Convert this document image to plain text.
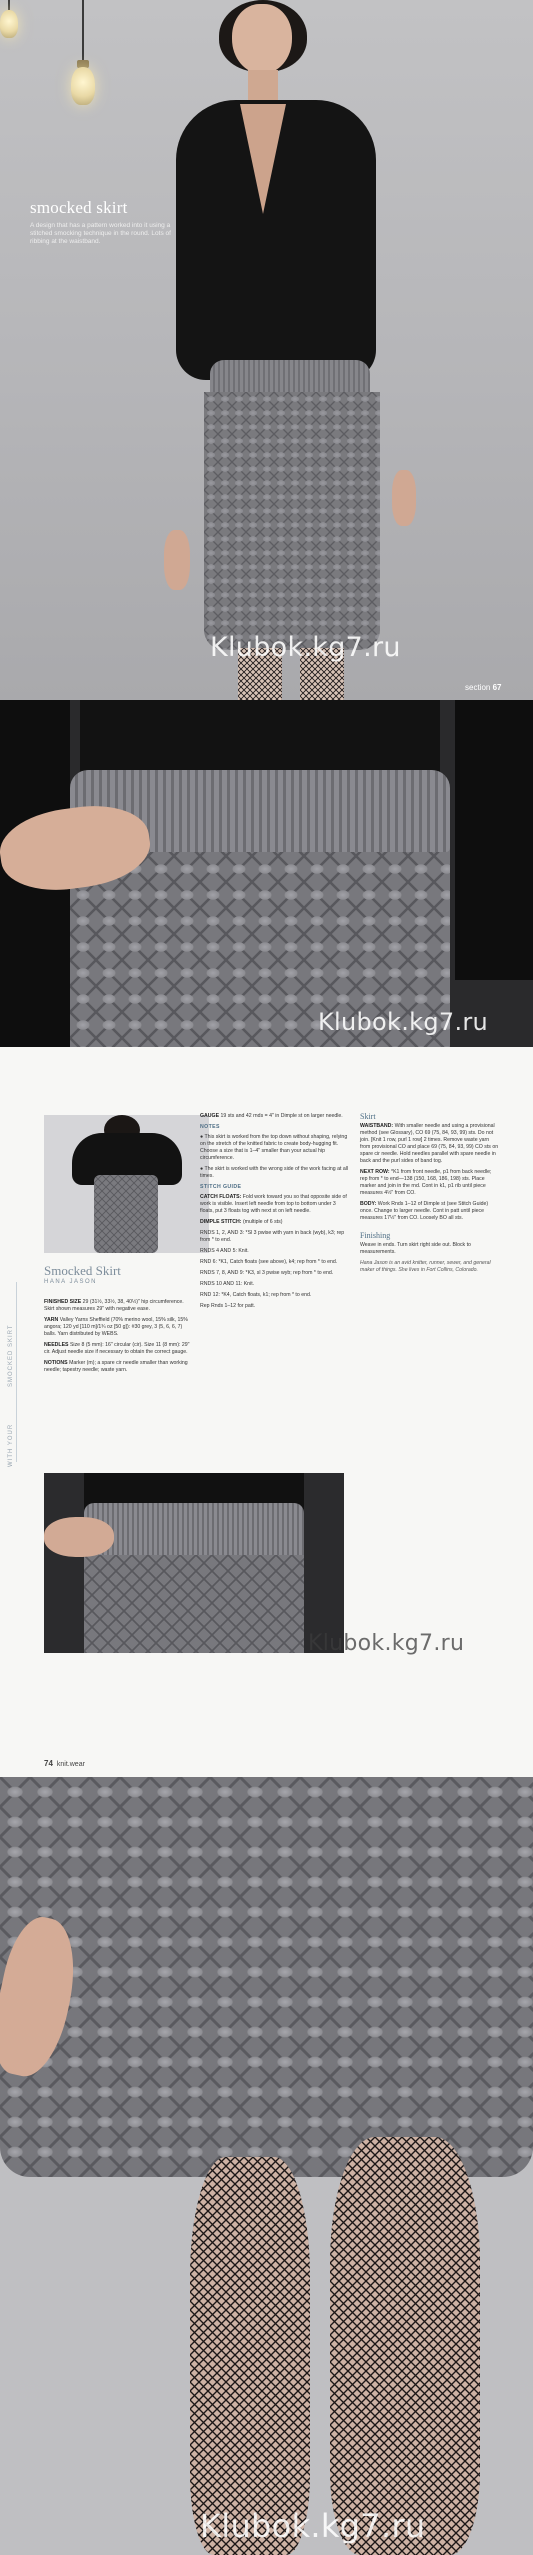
smocked skirt
A design that has a pattern worked into it using a stitched smocking technique in the round. Lots of ribbing at the waistband.
section 67
Klubok.kg7.ru
Klubok.kg7.ru
WITH YOUR
SMOCKED SKIRT
Smocked Skirt
HANA JASON

FINISHED SIZE 29 (31½, 33½, 38, 40½)" hip circumference. Skirt shown measures 29" with negative ease.

YARN Valley Yarns Sheffield (70% merino wool, 15% silk, 15% angora; 120 yd [110 m]/1¾ oz [50 g]): #30 grey, 3 (5, 6, 6, 7) balls. Yarn distributed by WEBS.

NEEDLES Size 8 (5 mm): 16" circular (cir). Size 11 (8 mm): 29" cir. Adjust needle size if necessary to obtain the correct gauge.

NOTIONS Marker (m); a spare cir needle smaller than working needle; tapestry needle; waste yarn.

GAUGE 19 sts and 42 rnds = 4" in Dimple st on larger needle.

NOTES

● This skirt is worked from the top down without shaping, relying on the stretch of the knitted fabric to create body-hugging fit. Choose a size that is 1–4" smaller than your actual hip circumference.

● The skirt is worked with the wrong side of the work facing at all times.

STITCH GUIDE

CATCH FLOATS: Fold work toward you so that opposite side of work is visible. Insert left needle from top to bottom under 3 floats, put 3 floats tog with next st on left needle.

DIMPLE STITCH: (multiple of 6 sts)

RNDS 1, 2, AND 3: *Sl 3 pwise with yarn in back (wyb), k3; rep from * to end.

RNDS 4 AND 5: Knit.

RND 6: *K1, Catch floats (see above), k4; rep from * to end.

RNDS 7, 8, AND 9: *K3, sl 3 pwise wyb; rep from * to end.

RNDS 10 AND 11: Knit.

RND 12: *K4, Catch floats, k1; rep from * to end.

Rep Rnds 1–12 for patt.

Skirt

WAISTBAND: With smaller needle and using a provisional method (see Glossary), CO 69 (75, 84, 93, 99) sts. Do not join. [Knit 1 row, purl 1 row] 2 times. Remove waste yarn from provisional CO and place 69 (75, 84, 93, 99) CO sts on spare cir needle. Hold needles parallel with spare needle in back and the purl sides of band tog.

NEXT ROW: *K1 from front needle, p1 from back needle; rep from * to end—138 (150, 168, 186, 198) sts. Place marker and join in the rnd. Cont in k1, p1 rib until piece measures 4½" from CO.

BODY: Work Rnds 1–12 of Dimple st (see Stitch Guide) once. Change to larger needle. Cont in patt until piece measures 17½" from CO. Loosely BO all sts.

Finishing

Weave in ends. Turn skirt right side out. Block to measurements.

Hana Jason is an avid knitter, runner, sewer, and general maker of things. She lives in Fort Collins, Colorado.

Klubok.kg7.ru
74 knit.wear
Klubok.kg7.ru
